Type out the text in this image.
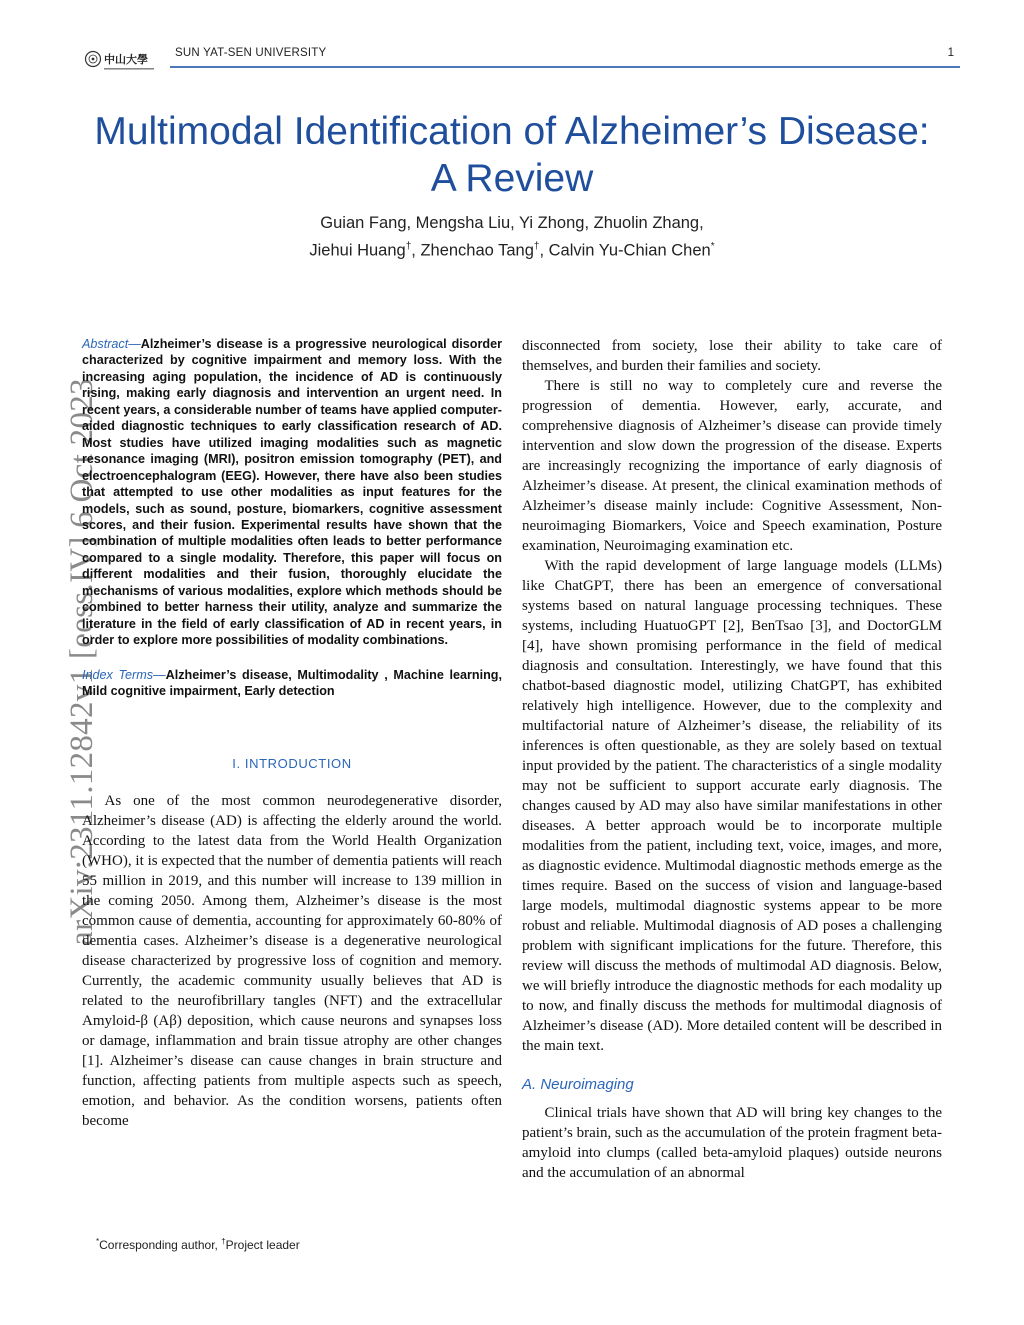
中山大學 SUN YAT-SEN UNIVERSITY	1
Multimodal Identification of Alzheimer’s Disease:
A Review
Guian Fang, Mengsha Liu, Yi Zhong, Zhuolin Zhang,
Jiehui Huang†, Zhenchao Tang†, Calvin Yu-Chian Chen*
arXiv:2311.12842v1 [eess.IV] 6 Oct 2023
Abstract—Alzheimer’s disease is a progressive neurological disorder characterized by cognitive impairment and memory loss. With the increasing aging population, the incidence of AD is continuously rising, making early diagnosis and intervention an urgent need. In recent years, a considerable number of teams have applied computer-aided diagnostic techniques to early classification research of AD. Most studies have utilized imaging modalities such as magnetic resonance imaging (MRI), positron emission tomography (PET), and electroencephalogram (EEG). However, there have also been studies that attempted to use other modalities as input features for the models, such as sound, posture, biomarkers, cognitive assessment scores, and their fusion. Experimental results have shown that the combination of multiple modalities often leads to better performance compared to a single modality. Therefore, this paper will focus on different modalities and their fusion, thoroughly elucidate the mechanisms of various modalities, explore which methods should be combined to better harness their utility, analyze and summarize the literature in the field of early classification of AD in recent years, in order to explore more possibilities of modality combinations.
Index Terms—Alzheimer’s disease, Multimodality , Machine learning, Mild cognitive impairment, Early detection
I. INTRODUCTION

As one of the most common neurodegenerative disorder, Alzheimer’s disease (AD) is affecting the elderly around the world. According to the latest data from the World Health Organization (WHO), it is expected that the number of dementia patients will reach 55 million in 2019, and this number will increase to 139 million in the coming 2050. Among them, Alzheimer’s disease is the most common cause of dementia, accounting for approximately 60-80% of dementia cases. Alzheimer’s disease is a degenerative neurological disease characterized by progressive loss of cognition and memory. Currently, the academic community usually believes that AD is related to the neurofibrillary tangles (NFT) and the extracellular Amyloid-β (Aβ) deposition, which cause neurons and synapses loss or damage, inflammation and brain tissue atrophy are other changes [1]. Alzheimer’s disease can cause changes in brain structure and function, affecting patients from multiple aspects such as speech, emotion, and behavior. As the condition worsens, patients often become

disconnected from society, lose their ability to take care of themselves, and burden their families and society.

There is still no way to completely cure and reverse the progression of dementia. However, early, accurate, and comprehensive diagnosis of Alzheimer’s disease can provide timely intervention and slow down the progression of the disease. Experts are increasingly recognizing the importance of early diagnosis of Alzheimer’s disease. At present, the clinical examination methods of Alzheimer’s disease mainly include: Cognitive Assessment, Non-neuroimaging Biomarkers, Voice and Speech examination, Posture examination, Neuroimaging examination etc.

With the rapid development of large language models (LLMs) like ChatGPT, there has been an emergence of conversational systems based on natural language processing techniques. These systems, including HuatuoGPT [2], BenTsao [3], and DoctorGLM [4], have shown promising performance in the field of medical diagnosis and consultation. Interestingly, we have found that this chatbot-based diagnostic model, utilizing ChatGPT, has exhibited relatively high intelligence. However, due to the complexity and multifactorial nature of Alzheimer’s disease, the reliability of its inferences is often questionable, as they are solely based on textual input provided by the patient. The characteristics of a single modality may not be sufficient to support accurate early diagnosis. The changes caused by AD may also have similar manifestations in other diseases. A better approach would be to incorporate multiple modalities from the patient, including text, voice, images, and more, as diagnostic evidence. Multimodal diagnostic methods emerge as the times require. Based on the success of vision and language-based large models, multimodal diagnostic systems appear to be more robust and reliable. Multimodal diagnosis of AD poses a challenging problem with significant implications for the future. Therefore, this review will discuss the methods of multimodal AD diagnosis. Below, we will briefly introduce the diagnostic methods for each modality up to now, and finally discuss the methods for multimodal diagnosis of Alzheimer’s disease (AD). More detailed content will be described in the main text.

A. Neuroimaging

Clinical trials have shown that AD will bring key changes to the patient’s brain, such as the accumulation of the protein fragment beta-amyloid into clumps (called beta-amyloid plaques) outside neurons and the accumulation of an abnormal

*Corresponding author, †Project leader
